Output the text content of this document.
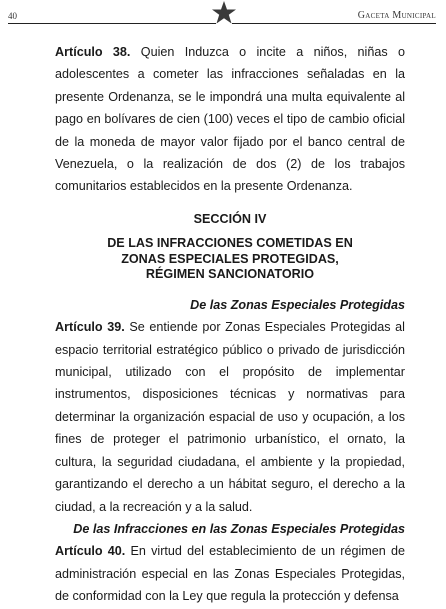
40	Gaceta Municipal

Artículo 38. Quien Induzca o incite a niños, niñas o adolescentes a cometer las infracciones señaladas en la presente Ordenanza, se le impondrá una multa equivalente al pago en bolívares de cien (100) veces el tipo de cambio oficial de la moneda de mayor valor fijado por el banco central de Venezuela, o la realización de dos (2) de los trabajos comunitarios establecidos en la presente Ordenanza.

SECCIÓN IV

DE LAS INFRACCIONES COMETIDAS EN

ZONAS ESPECIALES PROTEGIDAS,

RÉGIMEN SANCIONATORIO

De las Zonas Especiales Protegidas

Artículo 39. Se entiende por Zonas Especiales Protegidas al espacio territorial estratégico público o privado de jurisdicción municipal, utilizado con el propósito de implementar instrumentos, disposiciones técnicas y normativas para determinar la organización espacial de uso y ocupación, a los fines de proteger el patrimonio urbanístico, el ornato, la cultura, la seguridad ciudadana, el ambiente y la propiedad, garantizando el derecho a un hábitat seguro, el derecho a la ciudad, a la recreación y a la salud.

De las Infracciones en las Zonas Especiales Protegidas

Artículo 40. En virtud del establecimiento de un régimen de administración especial en las Zonas Especiales Protegidas, de conformidad con la Ley que regula la protección y defensa
